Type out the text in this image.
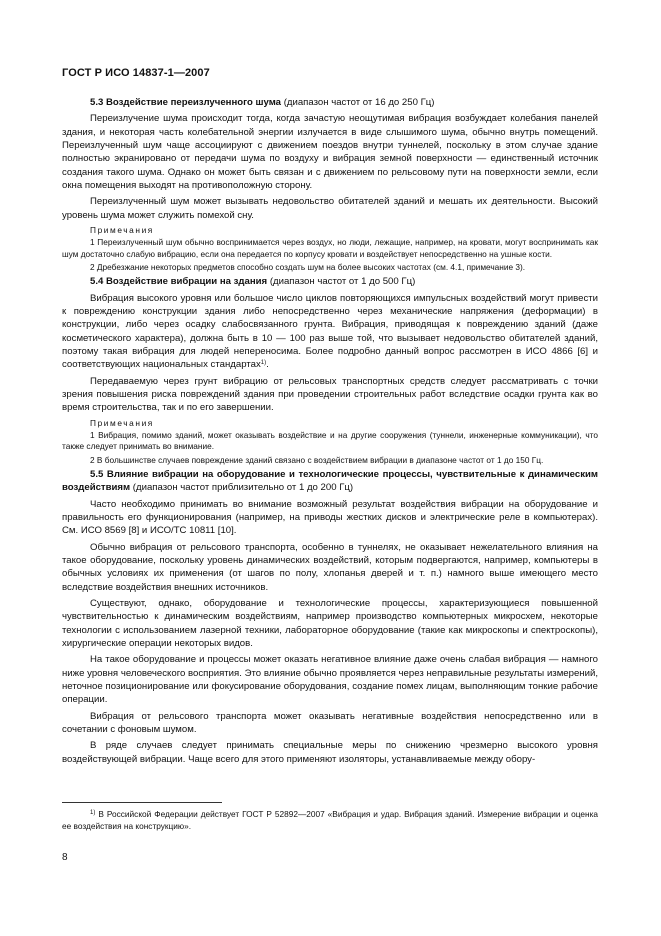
ГОСТ Р ИСО 14837-1—2007

5.3 Воздействие переизлученного шума (диапазон частот от 16 до 250 Гц)

Переизлучение шума происходит тогда, когда зачастую неощутимая вибрация возбуждает колебания панелей здания, и некоторая часть колебательной энергии излучается в виде слышимого шума, обычно внутрь помещений. Переизлученный шум чаще ассоциируют с движением поездов внутри туннелей, поскольку в этом случае здание полностью экранировано от передачи шума по воздуху и вибрация земной поверхности — единственный источник создания такого шума. Однако он может быть связан и с движением по рельсовому пути на поверхности земли, если окна помещения выходят на противоположную сторону.

Переизлученный шум может вызывать недовольство обитателей зданий и мешать их деятельности. Высокий уровень шума может служить помехой сну.

Примечания

1 Переизлученный шум обычно воспринимается через воздух, но люди, лежащие, например, на кровати, могут воспринимать как шум достаточно слабую вибрацию, если она передается по корпусу кровати и воздействует непосредственно на ушные кости.

2 Дребезжание некоторых предметов способно создать шум на более высоких частотах (см. 4.1, примечание 3).

5.4 Воздействие вибрации на здания (диапазон частот от 1 до 500 Гц)

Вибрация высокого уровня или большое число циклов повторяющихся импульсных воздействий могут привести к повреждению конструкции здания либо непосредственно через механические напряжения (деформации) в конструкции, либо через осадку слабосвязанного грунта. Вибрация, приводящая к повреждению зданий (даже косметического характера), должна быть в 10 — 100 раз выше той, что вызывает недовольство обитателей зданий, поэтому такая вибрация для людей непереносима. Более подробно данный вопрос рассмотрен в ИСО 4866 [6] и соответствующих национальных стандартах$^{1)}$.

Передаваемую через грунт вибрацию от рельсовых транспортных средств следует рассматривать с точки зрения повышения риска повреждений здания при проведении строительных работ вследствие осадки грунта как во время строительства, так и по его завершении.

Примечания

1 Вибрация, помимо зданий, может оказывать воздействие и на другие сооружения (туннели, инженерные коммуникации), что также следует принимать во внимание.

2 В большинстве случаев повреждение зданий связано с воздействием вибрации в диапазоне частот от 1 до 150 Гц.

5.5 Влияние вибрации на оборудование и технологические процессы, чувствительные к динамическим воздействиям (диапазон частот приблизительно от 1 до 200 Гц)

Часто необходимо принимать во внимание возможный результат воздействия вибрации на оборудование и правильность его функционирования (например, на приводы жестких дисков и электрические реле в компьютерах). См. ИСО 8569 [8] и ИСО/ТС 10811 [10].

Обычно вибрация от рельсового транспорта, особенно в туннелях, не оказывает нежелательного влияния на такое оборудование, поскольку уровень динамических воздействий, которым подвергаются, например, компьютеры в обычных условиях их применения (от шагов по полу, хлопанья дверей и т. п.) намного выше имеющего место вследствие воздействия внешних источников.

Существуют, однако, оборудование и технологические процессы, характеризующиеся повышенной чувствительностью к динамическим воздействиям, например производство компьютерных микросхем, некоторые технологии с использованием лазерной техники, лабораторное оборудование (такие как микроскопы и спектроскопы), хирургические операции некоторых видов.

На такое оборудование и процессы может оказать негативное влияние даже очень слабая вибрация — намного ниже уровня человеческого восприятия. Это влияние обычно проявляется через неправильные результаты измерений, неточное позиционирование или фокусирование оборудования, создание помех лицам, выполняющим тонкие рабочие операции.

Вибрация от рельсового транспорта может оказывать негативные воздействия непосредственно или в сочетании с фоновым шумом.

В ряде случаев следует принимать специальные меры по снижению чрезмерно высокого уровня воздействующей вибрации. Чаще всего для этого применяют изоляторы, устанавливаемые между обору-

$^{1)}$ В Российской Федерации действует ГОСТ Р 52892—2007 «Вибрация и удар. Вибрация зданий. Измерение вибрации и оценка ее воздействия на конструкцию».

8
